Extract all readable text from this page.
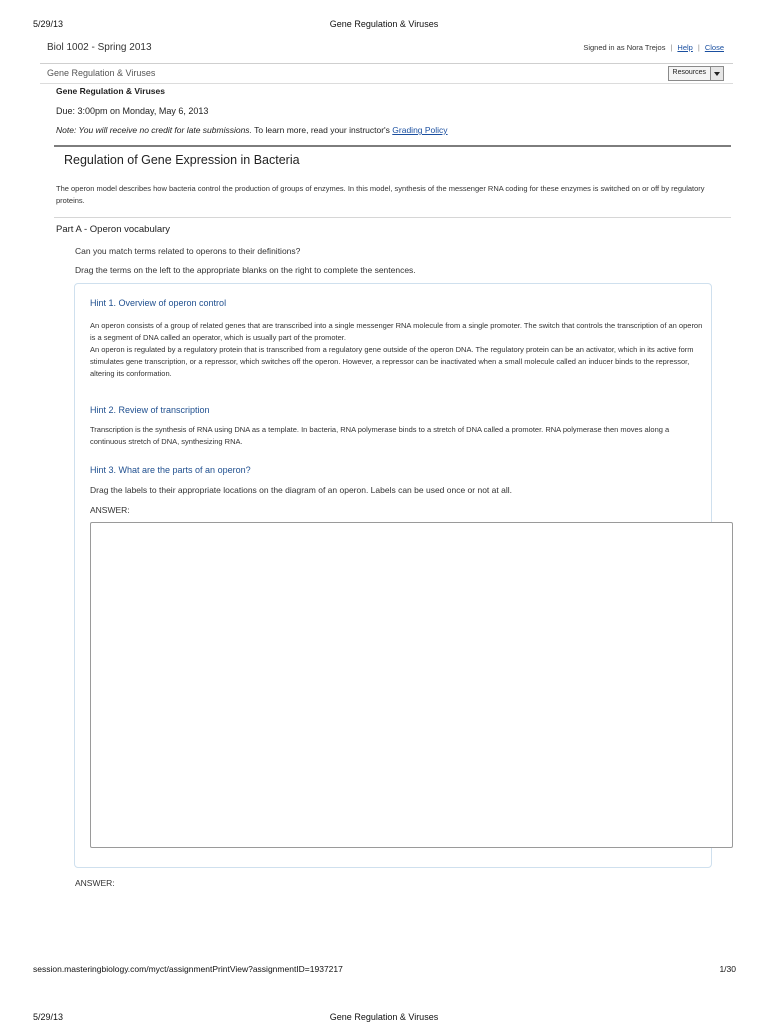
5/29/13	Gene Regulation & Viruses
Biol 1002 - Spring 2013	Signed in as Nora Trejos | Help | Close
Gene Regulation & Viruses	Resources
Gene Regulation & Viruses
Due: 3:00pm on Monday, May 6, 2013
Note: You will receive no credit for late submissions. To learn more, read your instructor's Grading Policy
Regulation of Gene Expression in Bacteria
The operon model describes how bacteria control the production of groups of enzymes. In this model, synthesis of the messenger RNA coding for these enzymes is switched on or off by regulatory proteins.
Part A - Operon vocabulary
Can you match terms related to operons to their definitions?
Drag the terms on the left to the appropriate blanks on the right to complete the sentences.
Hint 1. Overview of operon control
An operon consists of a group of related genes that are transcribed into a single messenger RNA molecule from a single promoter. The switch that controls the transcription of an operon is a segment of DNA called an operator, which is usually part of the promoter.
An operon is regulated by a regulatory protein that is transcribed from a regulatory gene outside of the operon DNA. The regulatory protein can be an activator, which in its active form stimulates gene transcription, or a repressor, which switches off the operon. However, a repressor can be inactivated when a small molecule called an inducer binds to the repressor, altering its conformation.
Hint 2. Review of transcription
Transcription is the synthesis of RNA using DNA as a template. In bacteria, RNA polymerase binds to a stretch of DNA called a promoter. RNA polymerase then moves along a continuous stretch of DNA, synthesizing RNA.
Hint 3. What are the parts of an operon?
Drag the labels to their appropriate locations on the diagram of an operon. Labels can be used once or not at all.
ANSWER:
ANSWER:
session.masteringbiology.com/myct/assignmentPrintView?assignmentID=1937217	1/30
5/29/13	Gene Regulation & Viruses
